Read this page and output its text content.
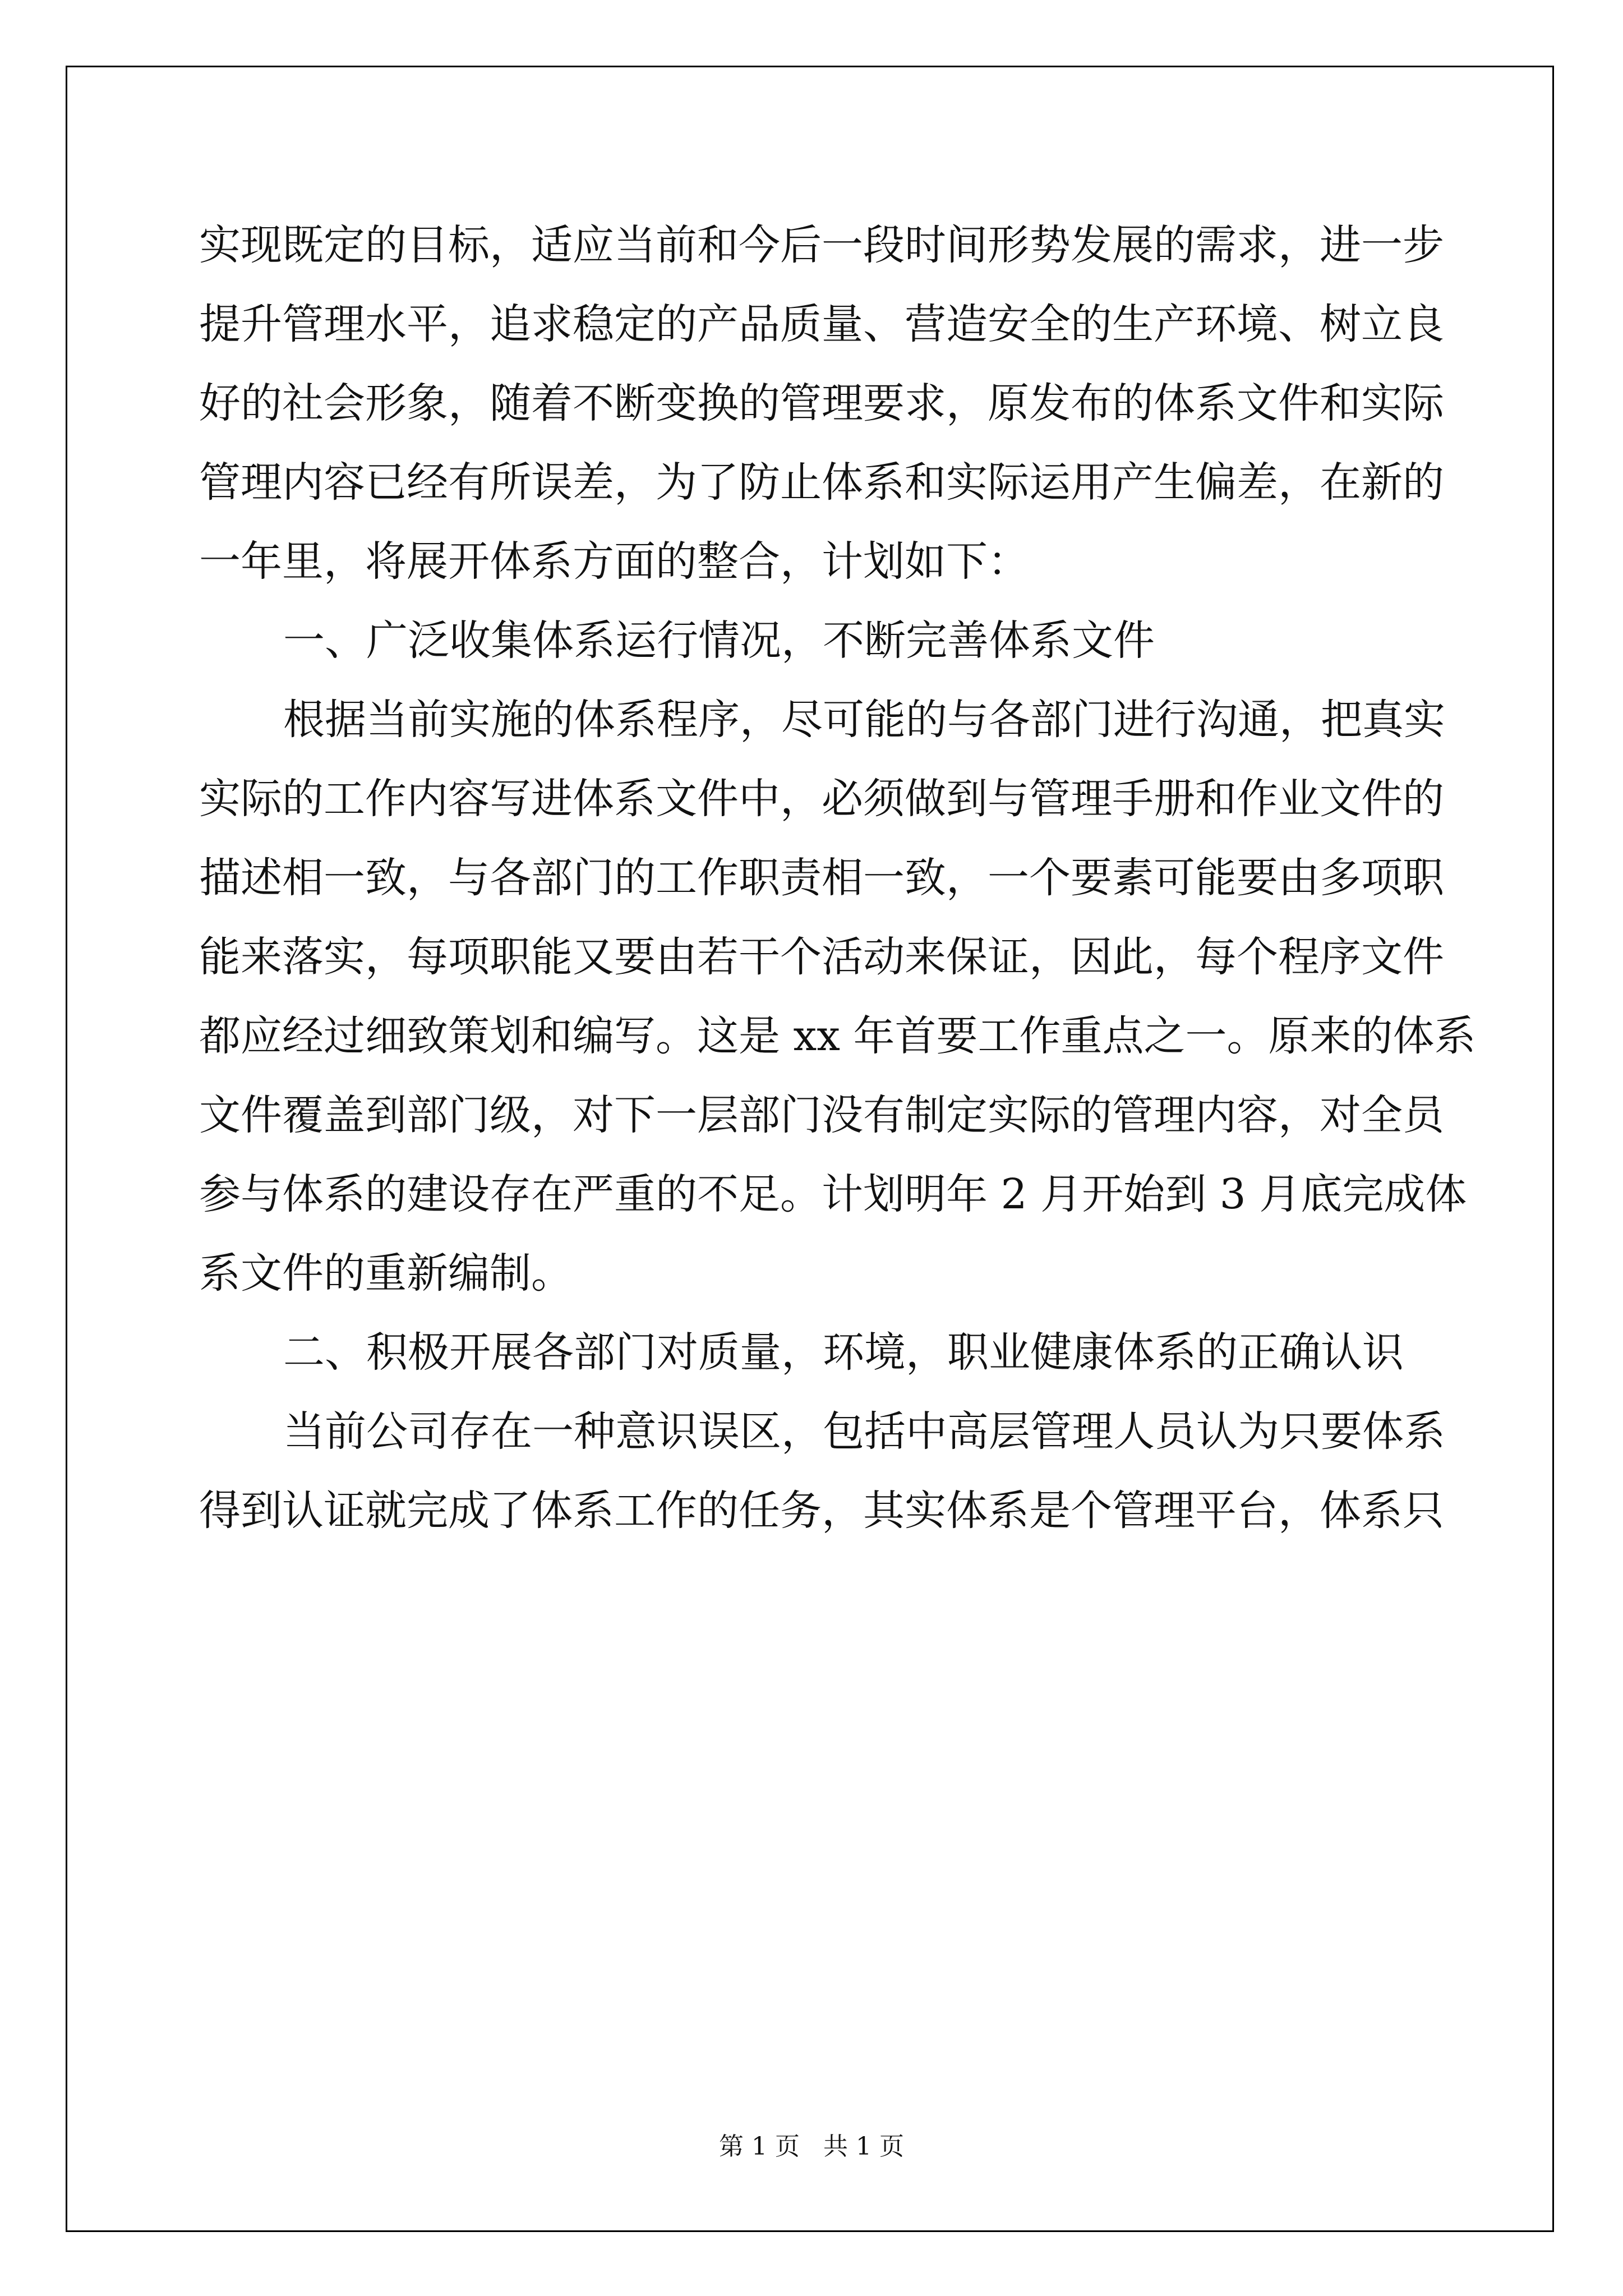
实现既定的目标，适应当前和今后一段时间形势发展的需求，进一步
提升管理水平，追求稳定的产品质量、营造安全的生产环境、树立良
好的社会形象，随着不断变换的管理要求，原发布的体系文件和实际
管理内容已经有所误差，为了防止体系和实际运用产生偏差，在新的
一年里，将展开体系方面的整合，计划如下：
一、广泛收集体系运行情况，不断完善体系文件
根据当前实施的体系程序，尽可能的与各部门进行沟通，把真实
实际的工作内容写进体系文件中，必须做到与管理手册和作业文件的
描述相一致，与各部门的工作职责相一致，一个要素可能要由多项职
能来落实，每项职能又要由若干个活动来保证，因此，每个程序文件
都应经过细致策划和编写。这是 xx 年首要工作重点之一。原来的体系
文件覆盖到部门级，对下一层部门没有制定实际的管理内容，对全员
参与体系的建设存在严重的不足。计划明年 2 月开始到 3 月底完成体
系文件的重新编制。
二、积极开展各部门对质量，环境，职业健康体系的正确认识
当前公司存在一种意识误区，包括中高层管理人员认为只要体系
得到认证就完成了体系工作的任务，其实体系是个管理平台，体系只
第 1 页   共 1 页
